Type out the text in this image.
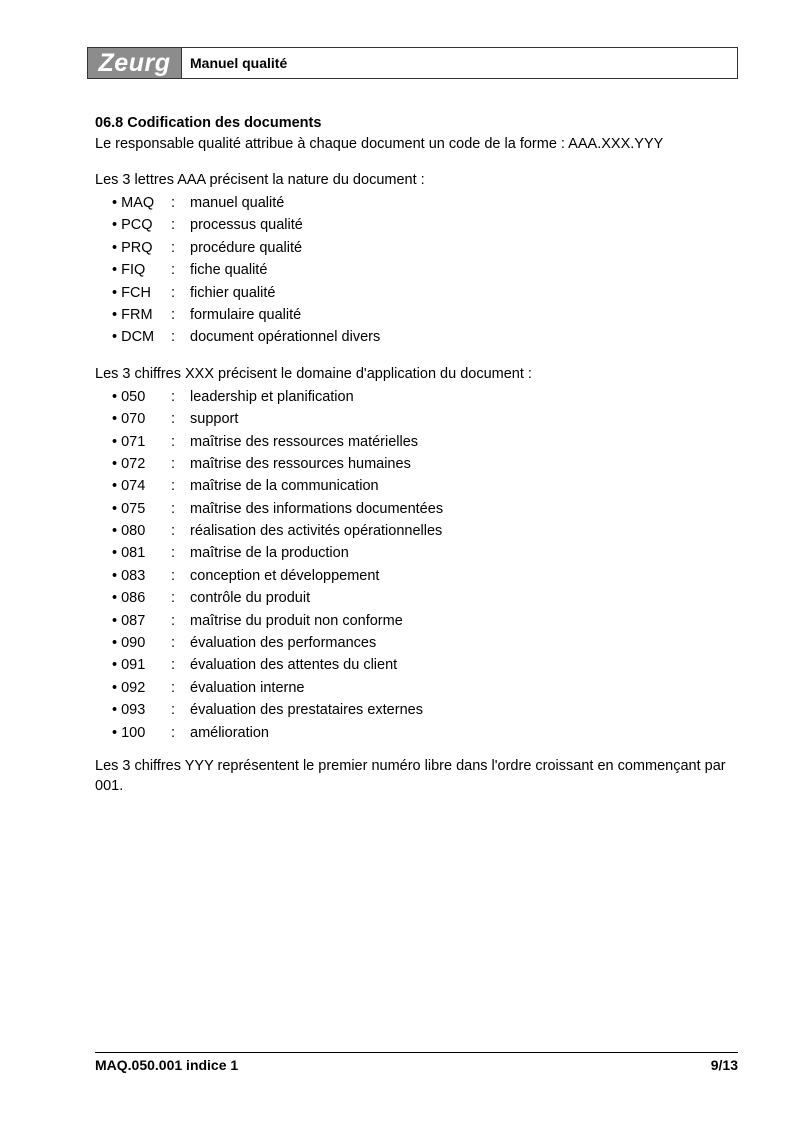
Zeurg	Manuel qualité

06.8 Codification des documents

Le responsable qualité attribue à chaque document un code de la forme : AAA.XXX.YYY

Les 3 lettres AAA précisent la nature du document :

• MAQ	:	manuel qualité
• PCQ	:	processus qualité
• PRQ	:	procédure qualité
• FIQ	:	fiche qualité
• FCH	:	fichier qualité
• FRM	:	formulaire qualité
• DCM	:	document opérationnel divers

Les 3 chiffres XXX précisent le domaine d'application du document :

• 050	:	leadership et planification
• 070	:	support
• 071	:	maîtrise des ressources matérielles
• 072	:	maîtrise des ressources humaines
• 074	:	maîtrise de la communication
• 075	:	maîtrise des informations documentées
• 080	:	réalisation des activités opérationnelles
• 081	:	maîtrise de la production
• 083	:	conception et développement
• 086	:	contrôle du produit
• 087	:	maîtrise du produit non conforme
• 090	:	évaluation des performances
• 091	:	évaluation des attentes du client
• 092	:	évaluation interne
• 093	:	évaluation des prestataires externes
• 100	:	amélioration

Les 3 chiffres YYY représentent le premier numéro libre dans l'ordre croissant en commençant par 001.

MAQ.050.001 indice 1	9/13
